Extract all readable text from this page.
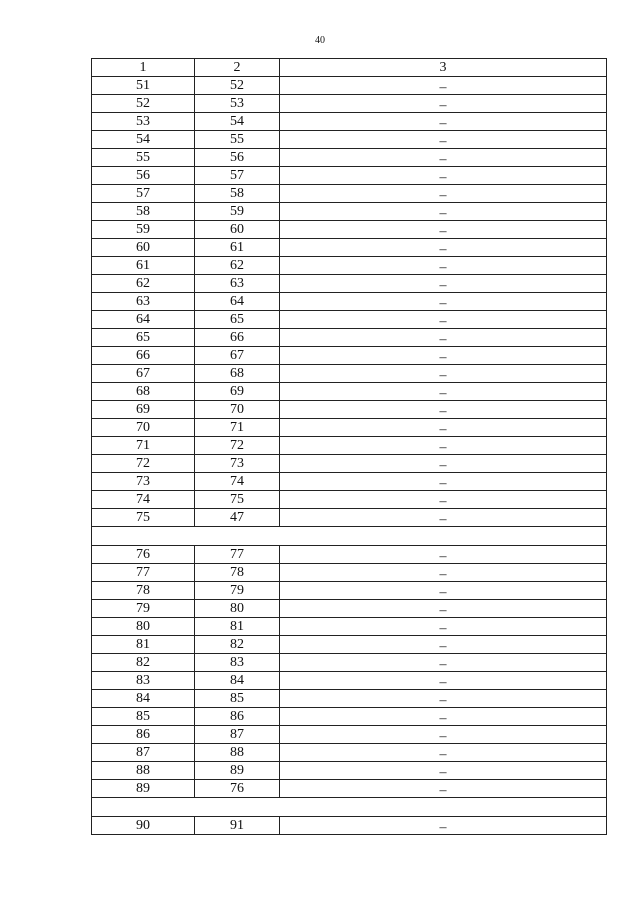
40
1	2	3
51	52	–
52	53	–
53	54	–
54	55	–
55	56	–
56	57	–
57	58	–
58	59	–
59	60	–
60	61	–
61	62	–
62	63	–
63	64	–
64	65	–
65	66	–
66	67	–
67	68	–
68	69	–
69	70	–
70	71	–
71	72	–
72	73	–
73	74	–
74	75	–
75	47	–

76	77	–
77	78	–
78	79	–
79	80	–
80	81	–
81	82	–
82	83	–
83	84	–
84	85	–
85	86	–
86	87	–
87	88	–
88	89	–
89	76	–

90	91	–
